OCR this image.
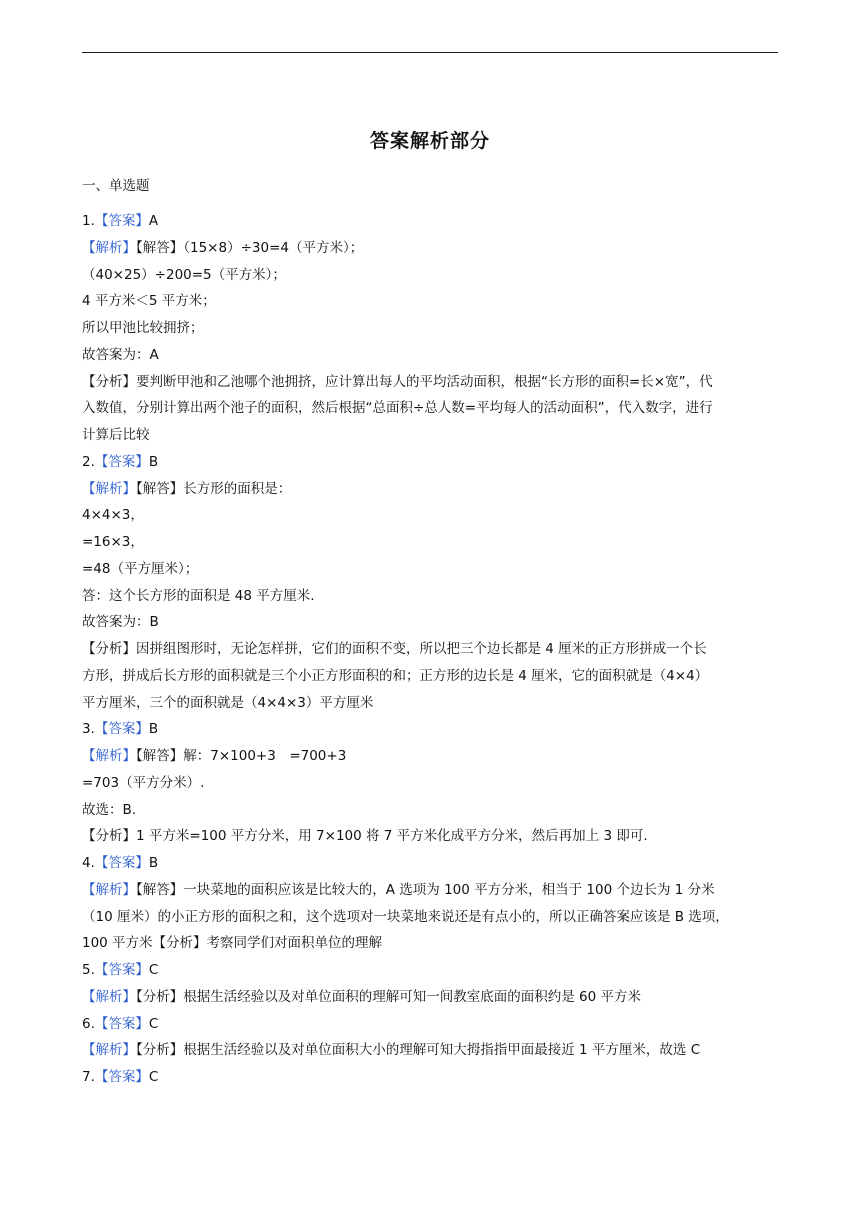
答案解析部分
一、单选题
1.【答案】A
【解析】【解答】（15×8）÷30=4（平方米）；
（40×25）÷200=5（平方米）；
4 平方米＜5 平方米；
所以甲池比较拥挤；
故答案为：A
【分析】要判断甲池和乙池哪个池拥挤，应计算出每人的平均活动面积，根据“长方形的面积=长×宽”，代
入数值，分别计算出两个池子的面积，然后根据“总面积÷总人数=平均每人的活动面积”，代入数字，进行
计算后比较
2.【答案】B
【解析】【解答】长方形的面积是：
4×4×3，
=16×3，
=48（平方厘米）；
答：这个长方形的面积是 48 平方厘米.
故答案为：B
【分析】因拼组图形时，无论怎样拼，它们的面积不变，所以把三个边长都是 4 厘米的正方形拼成一个长
方形，拼成后长方形的面积就是三个小正方形面积的和；正方形的边长是 4 厘米，它的面积就是（4×4）
平方厘米，三个的面积就是（4×4×3）平方厘米
3.【答案】B
【解析】【解答】解：7×100+3　=700+3
=703（平方分米）.
故选：B.
【分析】1 平方米=100 平方分米，用 7×100 将 7 平方米化成平方分米，然后再加上 3 即可.
4.【答案】B
【解析】【解答】一块菜地的面积应该是比较大的，A 选项为 100 平方分米，相当于 100 个边长为 1 分米
（10 厘米）的小正方形的面积之和，这个选项对一块菜地来说还是有点小的，所以正确答案应该是 B 选项，
100 平方米【分析】考察同学们对面积单位的理解
5.【答案】C
【解析】【分析】根据生活经验以及对单位面积的理解可知一间教室底面的面积约是 60 平方米
6.【答案】C
【解析】【分析】根据生活经验以及对单位面积大小的理解可知大拇指指甲面最接近 1 平方厘米，故选 C
7.【答案】C
